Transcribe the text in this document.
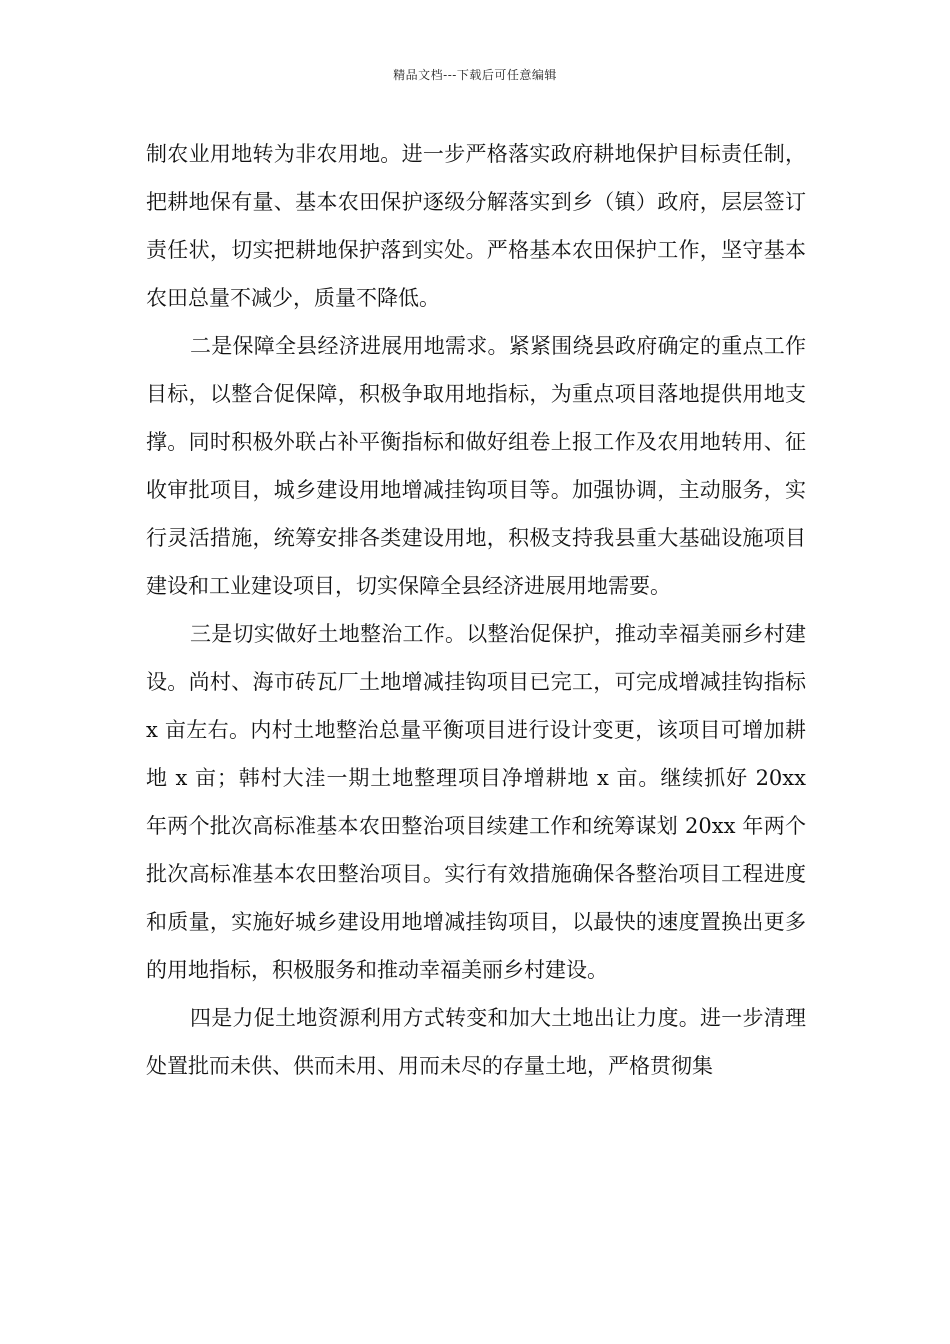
精品文档---下载后可任意编辑

制农业用地转为非农用地。进一步严格落实政府耕地保护目标责任制，把耕地保有量、基本农田保护逐级分解落实到乡（镇）政府，层层签订责任状，切实把耕地保护落到实处。严格基本农田保护工作，坚守基本农田总量不减少，质量不降低。

二是保障全县经济进展用地需求。紧紧围绕县政府确定的重点工作目标，以整合促保障，积极争取用地指标，为重点项目落地提供用地支撑。同时积极外联占补平衡指标和做好组卷上报工作及农用地转用、征收审批项目，城乡建设用地增减挂钩项目等。加强协调，主动服务，实行灵活措施，统筹安排各类建设用地，积极支持我县重大基础设施项目建设和工业建设项目，切实保障全县经济进展用地需要。

三是切实做好土地整治工作。以整治促保护，推动幸福美丽乡村建设。尚村、海市砖瓦厂土地增减挂钩项目已完工，可完成增减挂钩指标 x 亩左右。内村土地整治总量平衡项目进行设计变更，该项目可增加耕地 x 亩；韩村大洼一期土地整理项目净增耕地 x 亩。继续抓好 20xx 年两个批次高标准基本农田整治项目续建工作和统筹谋划 20xx 年两个批次高标准基本农田整治项目。实行有效措施确保各整治项目工程进度和质量，实施好城乡建设用地增减挂钩项目，以最快的速度置换出更多的用地指标，积极服务和推动幸福美丽乡村建设。

四是力促土地资源利用方式转变和加大土地出让力度。进一步清理处置批而未供、供而未用、用而未尽的存量土地，严格贯彻集
